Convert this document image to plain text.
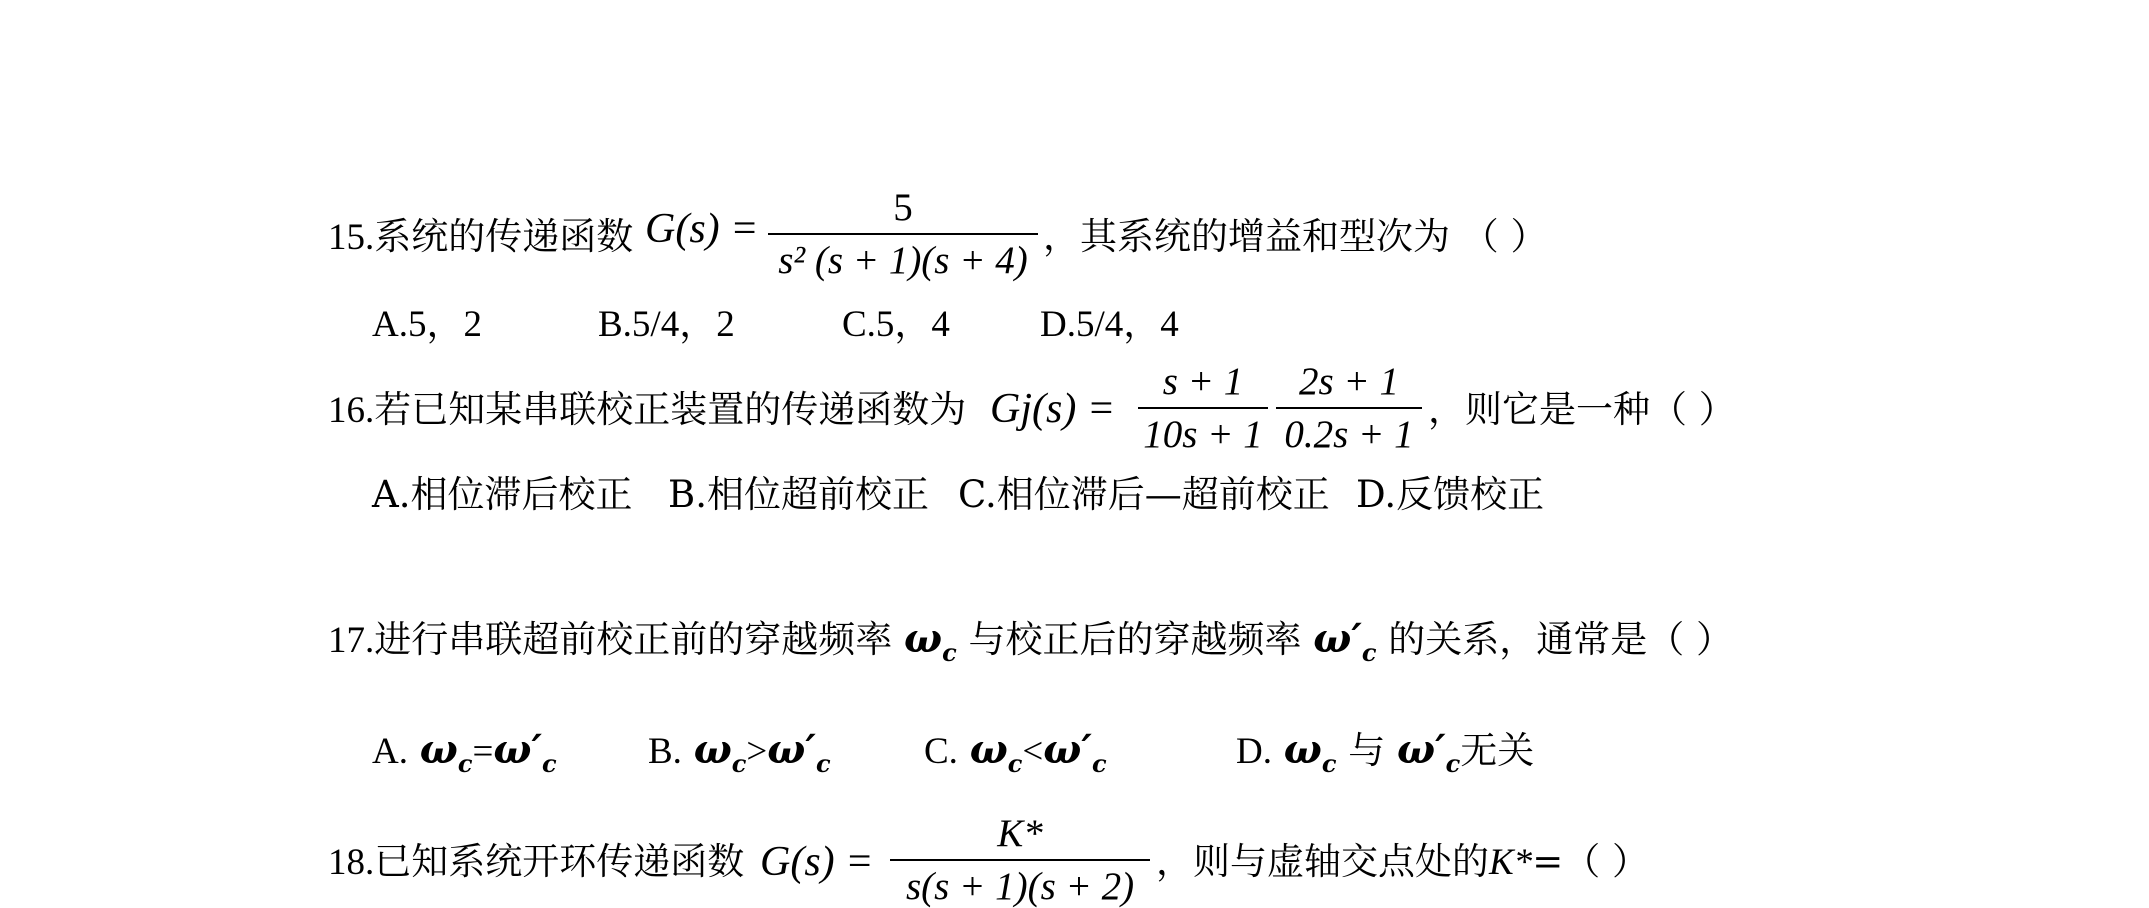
15.系统的传递函数 G(s) =	5
s² (s + 1)(s + 4)
，其系统的增益和型次为 （ ）
A.5，2	B.5/4，2	C.5，4 D.5/4，4
16.若已知某串联校正装置的传递函数为 Gj(s) =
s + 1
10s + 1
2s + 1
0.2s + 1
，则它是一种（ ）
A.相位滞后校正 B.相位超前校正 C.相位滞后—超前校正 D.反馈校正
17.进行串联超前校正前的穿越频率 $\omega_c$ 与校正后的穿越频率 $\omega'_c$ 的关系，通常是（ ）
A. $\omega_c=\omega'_c$ B. $\omega_c>\omega'_c$	C. $\omega_c<\omega'_c$	D. $\omega_c$ 与 $\omega'_c$无关
18.已知系统开环传递函数 G(s) =
K*
s(s + 1)(s + 2)
，则与虚轴交点处的K*=（ ）
